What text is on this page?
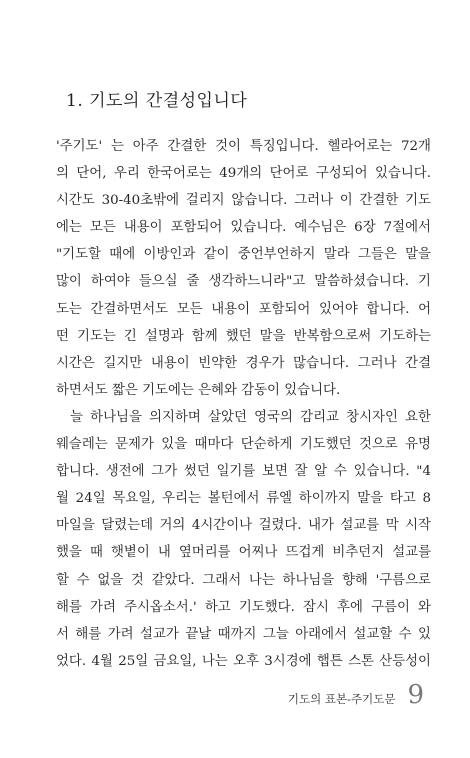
1. 기도의 간결성입니다
'주기도' 는 아주 간결한 것이 특징입니다. 헬라어로는 72개
의 단어, 우리 한국어로는 49개의 단어로 구성되어 있습니다.
시간도 30-40초밖에 걸리지 않습니다. 그러나 이 간결한 기도
에는 모든 내용이 포함되어 있습니다. 예수님은 6장 7절에서
"기도할 때에 이방인과 같이 중언부언하지 말라 그들은 말을
많이 하여야 들으실 줄 생각하느니라"고 말씀하셨습니다. 기
도는 간결하면서도 모든 내용이 포함되어 있어야 합니다. 어
떤 기도는 긴 설명과 함께 했던 말을 반복함으로써 기도하는
시간은 길지만 내용이 빈약한 경우가 많습니다. 그러나 간결
하면서도 짧은 기도에는 은혜와 감동이 있습니다.
늘 하나님을 의지하며 살았던 영국의 감리교 창시자인 요한
웨슬레는 문제가 있을 때마다 단순하게 기도했던 것으로 유명
합니다. 생전에 그가 썼던 일기를 보면 잘 알 수 있습니다. "4
월 24일 목요일, 우리는 볼턴에서 류엘 하이까지 말을 타고 8
마일을 달렸는데 거의 4시간이나 걸렸다. 내가 설교를 막 시작
했을 때 햇볕이 내 옆머리를 어찌나 뜨겁게 비추던지 설교를
할 수 없을 것 같았다. 그래서 나는 하나님을 향해 '구름으로
해를 가려 주시옵소서.' 하고 기도했다. 잠시 후에 구름이 와
서 해를 가려 설교가 끝날 때까지 그늘 아래에서 설교할 수 있
었다. 4월 25일 금요일, 나는 오후 3시경에 햅튼 스톤 산등성이
기도의 표본-주기도문 9
